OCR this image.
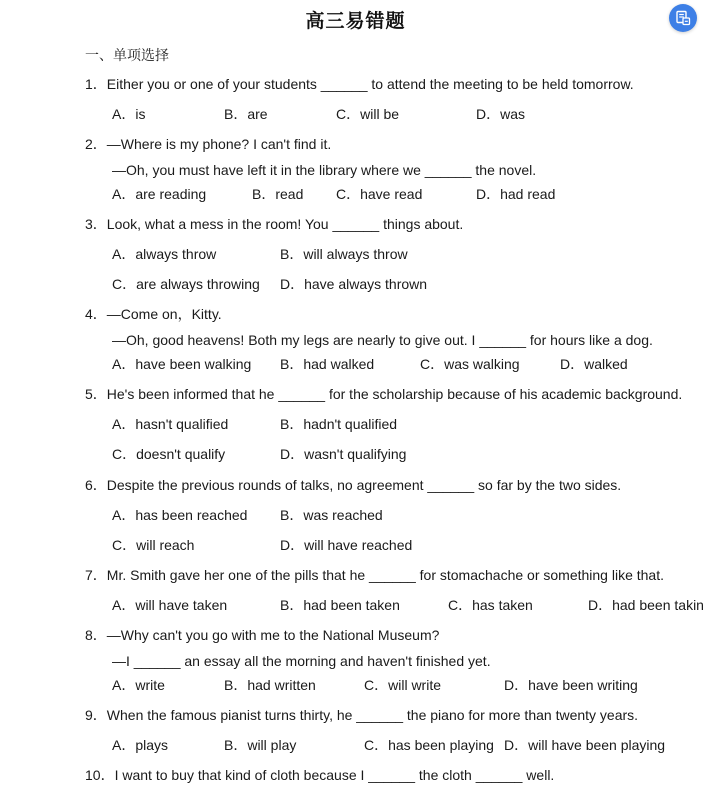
高三易错题
一、单项选择
1．Either you or one of your students ______ to attend the meeting to be held tomorrow.
A．is	B．are	C．will be	D．was
2．—Where is my phone? I can't find it.
—Oh, you must have left it in the library where we ______ the novel.
A．are reading	B．read C．have read	D．had read
3．Look, what a mess in the room! You ______ things about.
A．always throw	B．will always throw
C．are always throwing D．have always thrown
4．—Come on，Kitty.
—Oh, good heavens! Both my legs are nearly to give out. I ______ for hours like a dog.
A．have been walking B．had walked	C．was walking	D．walked
5．He's been informed that he ______ for the scholarship because of his academic background.
A．hasn't qualified	B．hadn't qualified
C．doesn't qualify	D．wasn't qualifying
6．Despite the previous rounds of talks, no agreement ______ so far by the two sides.
A．has been reached B．was reached
C．will reach	D．will have reached
7．Mr. Smith gave her one of the pills that he ______ for stomachache or something like that.
A．will have taken	B．had been taken	C．has taken	D．had been takin
8．—Why can't you go with me to the National Museum?
—I ______ an essay all the morning and haven't finished yet.
A．write	B．had written	C．will write	D．have been writing
9．When the famous pianist turns thirty, he ______ the piano for more than twenty years.
A．plays	B．will play	C．has been playing D．will have been playing
10．I want to buy that kind of cloth because I ______ the cloth ______ well.
